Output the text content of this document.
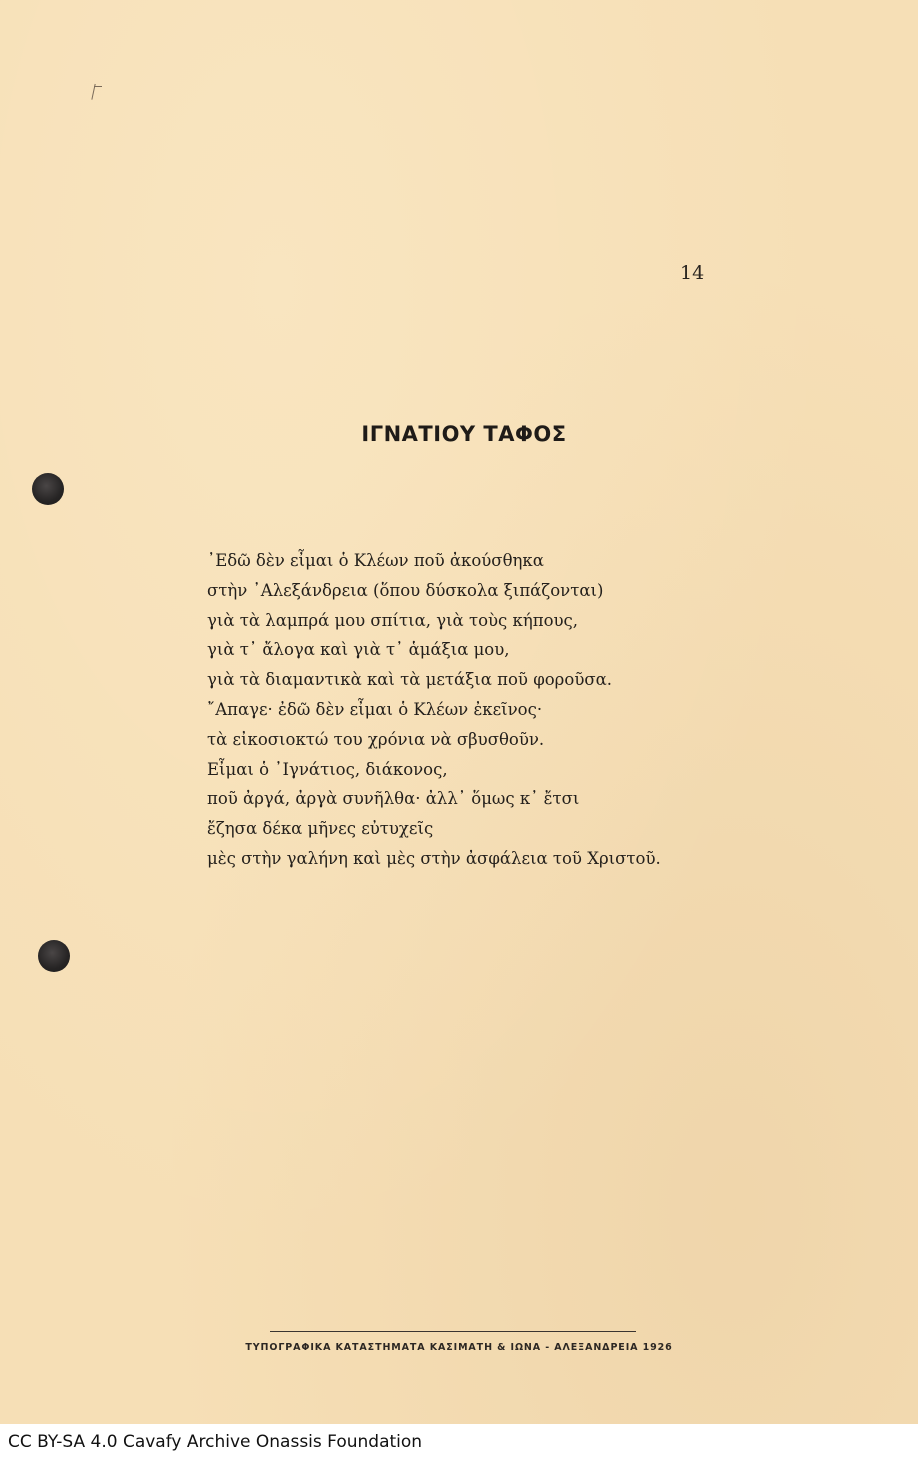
14
ΙΓΝΑΤΙΟΥ ΤΑΦΟΣ
᾿Εδῶ δὲν εἶμαι ὁ Κλέων ποῦ ἀκούσθηκα
στὴν ᾿Αλεξάνδρεια (ὅπου δύσκολα ξιπάζονται)
γιὰ τὰ λαμπρά μου σπίτια, γιὰ τοὺς κήπους,
γιὰ τ᾿ ἄλογα καὶ γιὰ τ᾿ ἁμάξια μου,
γιὰ τὰ διαμαντικὰ καὶ τὰ μετάξια ποῦ φοροῦσα.
῎Απαγε· ἐδῶ δὲν εἶμαι ὁ Κλέων ἐκεῖνος·
τὰ εἰκοσιοκτώ του χρόνια νὰ σβυσθοῦν.
Εἶμαι ὁ ᾿Ιγνάτιος, διάκονος,
ποῦ ἀργά, ἀργὰ συνῆλθα· ἀλλ᾿ ὅμως κ᾿ ἔτσι
ἔζησα δέκα μῆνες εὐτυχεῖς
μὲς στὴν γαλήνη καὶ μὲς στὴν ἀσφάλεια τοῦ Χριστοῦ.
ΤΥΠΟΓΡΑΦΙΚΑ ΚΑΤΑΣΤΗΜΑΤΑ ΚΑΣΙΜΑΤΗ & ΙΩΝΑ - ΑΛΕΞΑΝΔΡΕΙΑ 1926
CC BY-SA 4.0 Cavafy Archive Onassis Foundation
